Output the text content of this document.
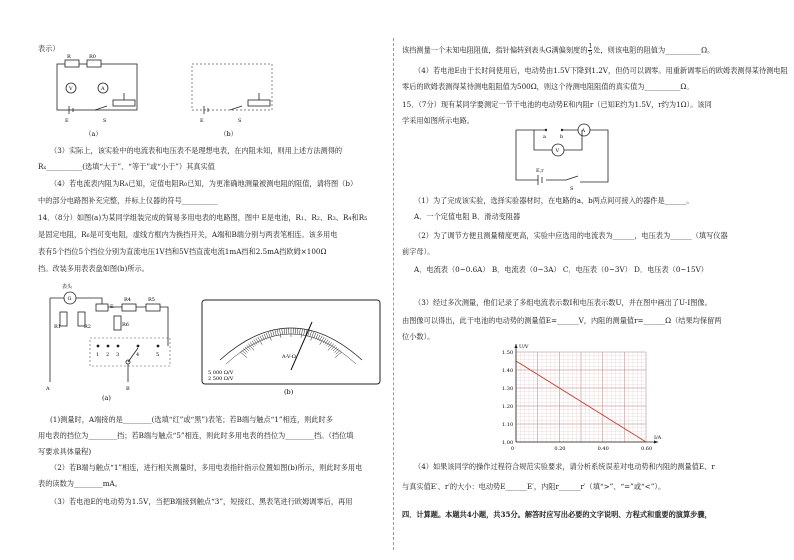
表示）
R	R0
V	A
E	S
（a）
E	S
（b）
（3）实际上，该实验中的电流表和电压表不是理想电表，在内阻未知，则用上述方法测得的
Rx__________(选填“大于”、“等于”或“小于”）其真实值
（4）若电流表内阻为RA已知，定值电阻R0已知，为更准确地测量被测电阻的阻值，请将图（b）
中的部分电路图补充完整，并标上仪器的符号__________
14．（8分）如图(a)为某同学组装完成的简易多用电表的电路图，图中 E是电池，R1、R2、R3、R4和R5
是固定电阻，R6是可变电阻，虚线方框内为换挡开关，A端和B端分别与两表笔相连。该多用电
表有5个挡位5个挡位分别为直流电压1V挡和5V挡直流电流1mA挡和2.5mA挡欧姆×100Ω
挡。改装多用表表盘如图(b)所示。
表头
G
E
R4	R5
R1	R2	R6
1 2 3	4	5
A	B
(a)
A-V-Ω
5 000 Ω/V
2 500 Ω/V
(b)
(1)测量时，A端接的是________(选填“红”或“黑”)表笔；若B端与触点“1”相连，则此时多
用电表的挡位为________挡；若B端与触点“5”相连，则此时多用电表的挡位为________挡。（挡位填
写要求具体量程)
（2）若B端与触点“1”相连，进行相关测量时，多用电表指针指示位置如图(b)所示，则此时多用电
表的读数为________mA。
（3）若电池E的电动势为1.5V，当把B端接到触点“3”，短接红、黑表笔进行欧姆调零后，再用
该挡测量一个未知电阻阻值，指针偏转到表头G满偏刻度的 $\frac{1}{5}$ 处，则该电阻的阻值为__________Ω。
（4）若电池E由于长时间使用后，电动势由1.5V下降到1.2V，但仍可以调零。用重新调零后的欧姆表测得某待测电阻
零后的欧姆表测得某待测电阻阻值为500Ω，则这个待测电阻阻值的真实值为__________Ω。
15．（7分）现有某同学要测定一节干电池的电动势E和内阻r（已知E约为1.5V，r约为1Ω）。该同
学采用如图所示电路。
a	b
A
V
E,r
S
（1）为了完成该实验，选择实验器材时，在电路的a、b两点间可接入的器件是______。
A．一个定值电阻 B．滑动变阻器
（2）为了调节方便且测量精度更高，实验中应选用的电流表为______，电压表为______（填写仪器
前字母）。
A．电流表（0~0.6A） B．电流表（0~3A） C．电压表（0~3V） D．电压表（0~15V）
（3）经过多次测量，他们记录了多组电流表示数I和电压表示数U，并在图中画出了U-I图像。
由图像可以得出，此干电池的电动势的测量值E=______V，内阻的测量值r=______Ω（结果均保留两
位小数）。
0	0.20	0.40	0.60
1.00
1.10
1.20
1.30
1.40
1.50
U/V
I/A
（4）如果该同学的操作过程符合规范实验要求，请分析系统误差对电动势和内阻的测量值E、r
与真实值E′、r′的大小：电动势E______E′，内阻r______r′（填“>”、“=”或“<”）。
四．计算题。本题共4小题，共35分。解答时应写出必要的文字说明、方程式和重要的演算步骤，
